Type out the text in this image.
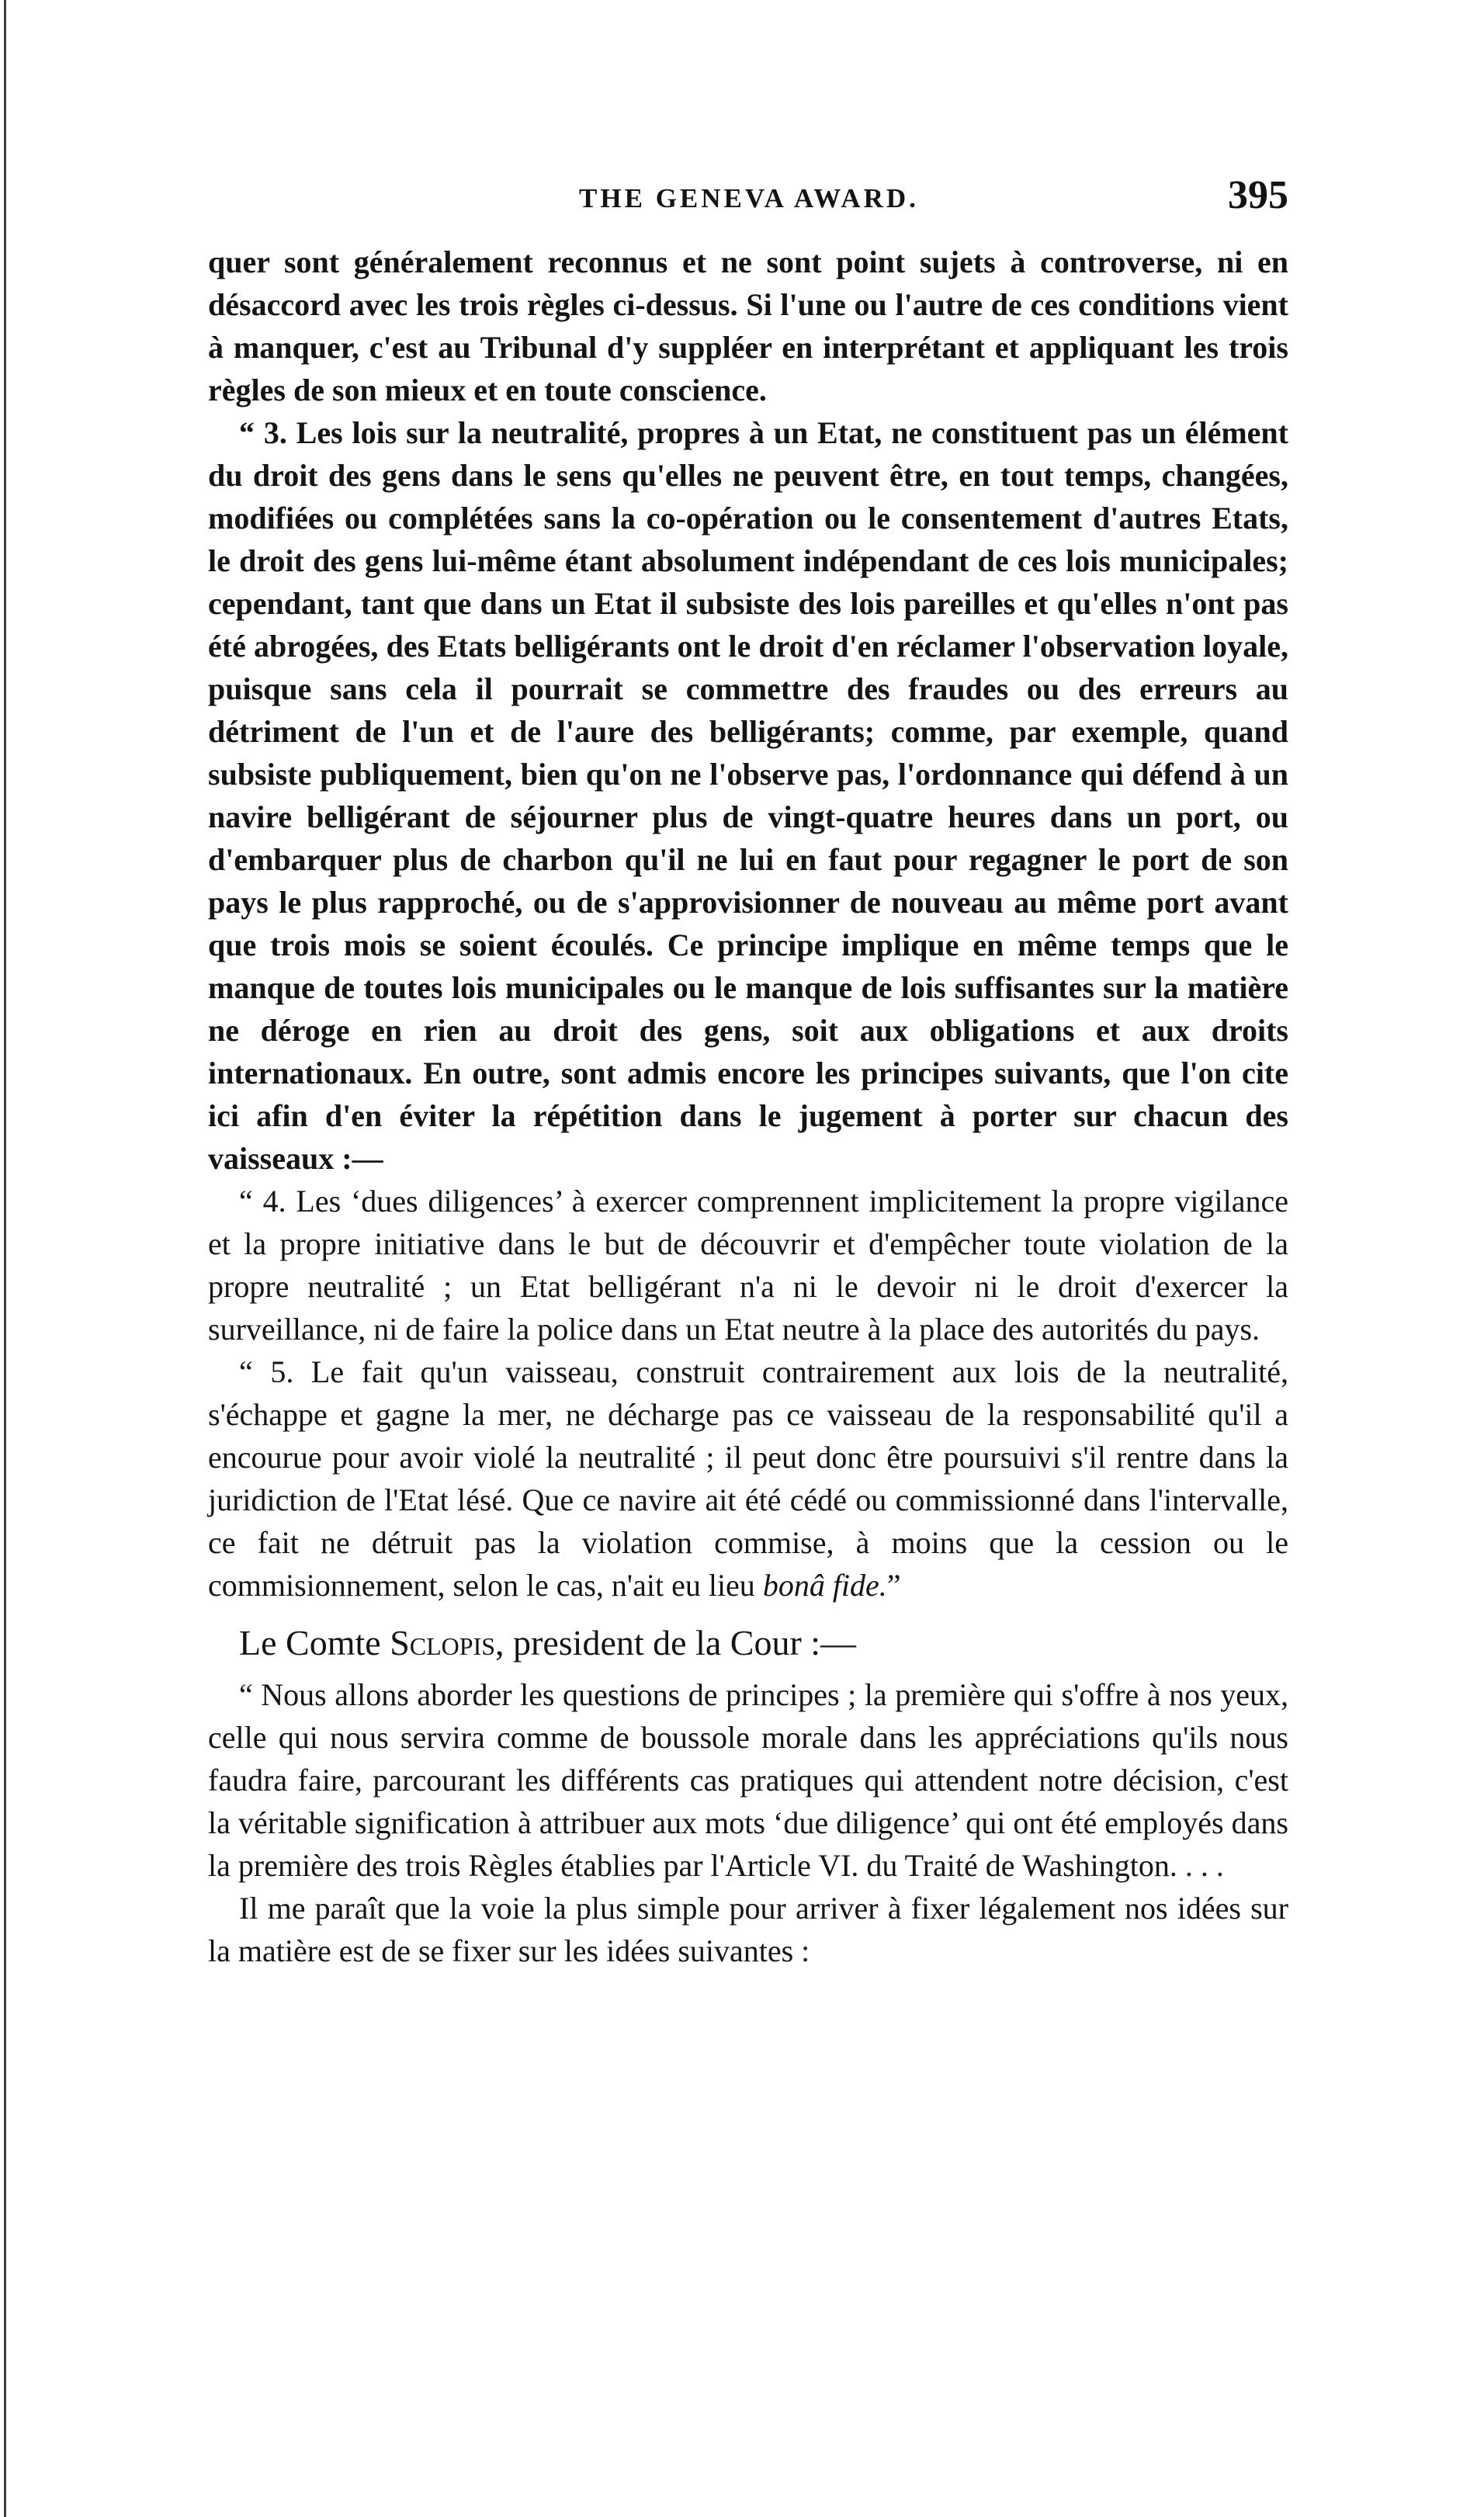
THE GENEVA AWARD.	395

quer sont généralement reconnus et ne sont point sujets à controverse, ni en désaccord avec les trois règles ci-dessus. Si l'une ou l'autre de ces conditions vient à manquer, c'est au Tribunal d'y suppléer en interprétant et appliquant les trois règles de son mieux et en toute conscience.

“ 3. Les lois sur la neutralité, propres à un Etat, ne constituent pas un élément du droit des gens dans le sens qu'elles ne peuvent être, en tout temps, changées, modifiées ou complétées sans la co-opération ou le consentement d'autres Etats, le droit des gens lui-même étant absolument indépendant de ces lois municipales; cependant, tant que dans un Etat il subsiste des lois pareilles et qu'elles n'ont pas été abrogées, des Etats belligérants ont le droit d'en réclamer l'observation loyale, puisque sans cela il pourrait se commettre des fraudes ou des erreurs au détriment de l'un et de l'aure des belligérants; comme, par exemple, quand subsiste publiquement, bien qu'on ne l'observe pas, l'ordonnance qui défend à un navire belligérant de séjourner plus de vingt-quatre heures dans un port, ou d'embarquer plus de charbon qu'il ne lui en faut pour regagner le port de son pays le plus rapproché, ou de s'approvisionner de nouveau au même port avant que trois mois se soient écoulés. Ce principe implique en même temps que le manque de toutes lois municipales ou le manque de lois suffisantes sur la matière ne déroge en rien au droit des gens, soit aux obligations et aux droits internationaux. En outre, sont admis encore les principes suivants, que l'on cite ici afin d'en éviter la répétition dans le jugement à porter sur chacun des vaisseaux :—

“ 4. Les ‘dues diligences’ à exercer comprennent implicitement la propre vigilance et la propre initiative dans le but de découvrir et d'empêcher toute violation de la propre neutralité ; un Etat belligérant n'a ni le devoir ni le droit d'exercer la surveillance, ni de faire la police dans un Etat neutre à la place des autorités du pays.

“ 5. Le fait qu'un vaisseau, construit contrairement aux lois de la neutralité, s'échappe et gagne la mer, ne décharge pas ce vaisseau de la responsabilité qu'il a encourue pour avoir violé la neutralité ; il peut donc être poursuivi s'il rentre dans la juridiction de l'Etat lésé. Que ce navire ait été cédé ou commissionné dans l'intervalle, ce fait ne détruit pas la violation commise, à moins que la cession ou le commisionnement, selon le cas, n'ait eu lieu bonâ fide.”

Le Comte Sclopis, president de la Cour :—

“ Nous allons aborder les questions de principes ; la première qui s'offre à nos yeux, celle qui nous servira comme de boussole morale dans les appréciations qu'ils nous faudra faire, parcourant les différents cas pratiques qui attendent notre décision, c'est la véritable signification à attribuer aux mots ‘due diligence’ qui ont été employés dans la première des trois Règles établies par l'Article VI. du Traité de Washington. . . .

Il me paraît que la voie la plus simple pour arriver à fixer légalement nos idées sur la matière est de se fixer sur les idées suivantes :
